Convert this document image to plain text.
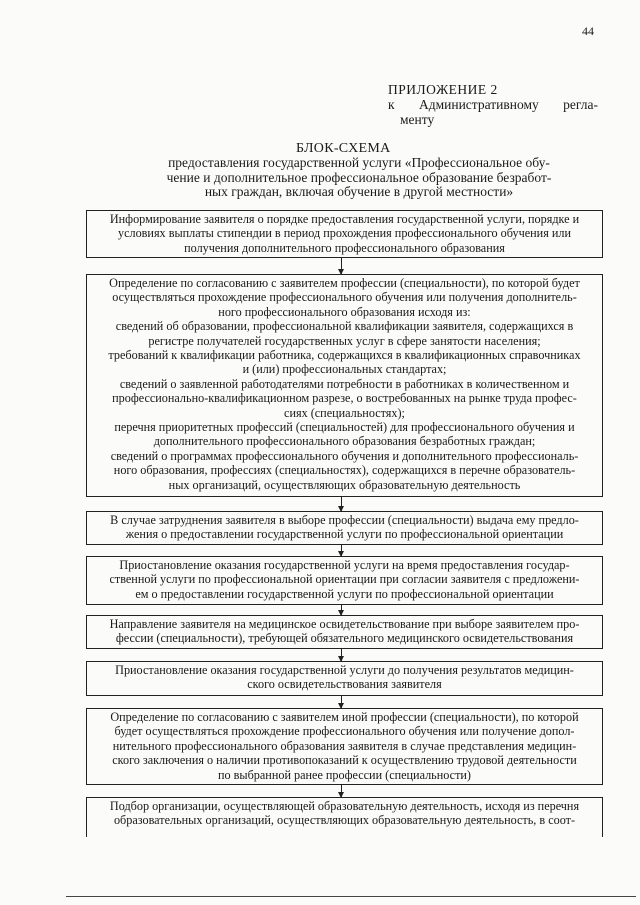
44
ПРИЛОЖЕНИЕ 2
к Административному регла-
менту
БЛОК-СХЕМА
предоставления государственной услуги «Профессиональное обу-
чение и дополнительное профессиональное образование безработ-
ных граждан, включая обучение в другой местности»
Информирование заявителя о порядке предоставления государственной услуги, порядке и
условиях выплаты стипендии в период прохождения профессионального обучения или
получения дополнительного профессионального образования
Определение по согласованию с заявителем профессии (специальности), по которой будет
осуществляться прохождение профессионального обучения или получения дополнитель-
ного профессионального образования исходя из:
сведений об образовании, профессиональной квалификации заявителя, содержащихся в
регистре получателей государственных услуг в сфере занятости населения;
требований к квалификации работника, содержащихся в квалификационных справочниках
и (или) профессиональных стандартах;
сведений о заявленной работодателями потребности в работниках в количественном и
профессионально-квалификационном разрезе, о востребованных на рынке труда профес-
сиях (специальностях);
перечня приоритетных профессий (специальностей) для профессионального обучения и
дополнительного профессионального образования безработных граждан;
сведений о программах профессионального обучения и дополнительного профессиональ-
ного образования, профессиях (специальностях), содержащихся в перечне образователь-
ных организаций, осуществляющих образовательную деятельность
В случае затруднения заявителя в выборе профессии (специальности) выдача ему предло-
жения о предоставлении государственной услуги по профессиональной ориентации
Приостановление оказания государственной услуги на время предоставления государ-
ственной услуги по профессиональной ориентации при согласии заявителя с предложени-
ем о предоставлении государственной услуги по профессиональной ориентации
Направление заявителя на медицинское освидетельствование при выборе заявителем про-
фессии (специальности), требующей обязательного медицинского освидетельствования
Приостановление оказания государственной услуги до получения результатов медицин-
ского освидетельствования заявителя
Определение по согласованию с заявителем иной профессии (специальности), по которой
будет осуществляться прохождение профессионального обучения или получение допол-
нительного профессионального образования заявителя в случае представления медицин-
ского заключения о наличии противопоказаний к осуществлению трудовой деятельности
по выбранной ранее профессии (специальности)
Подбор организации, осуществляющей образовательную деятельность, исходя из перечня
образовательных организаций, осуществляющих образовательную деятельность, в соот-
